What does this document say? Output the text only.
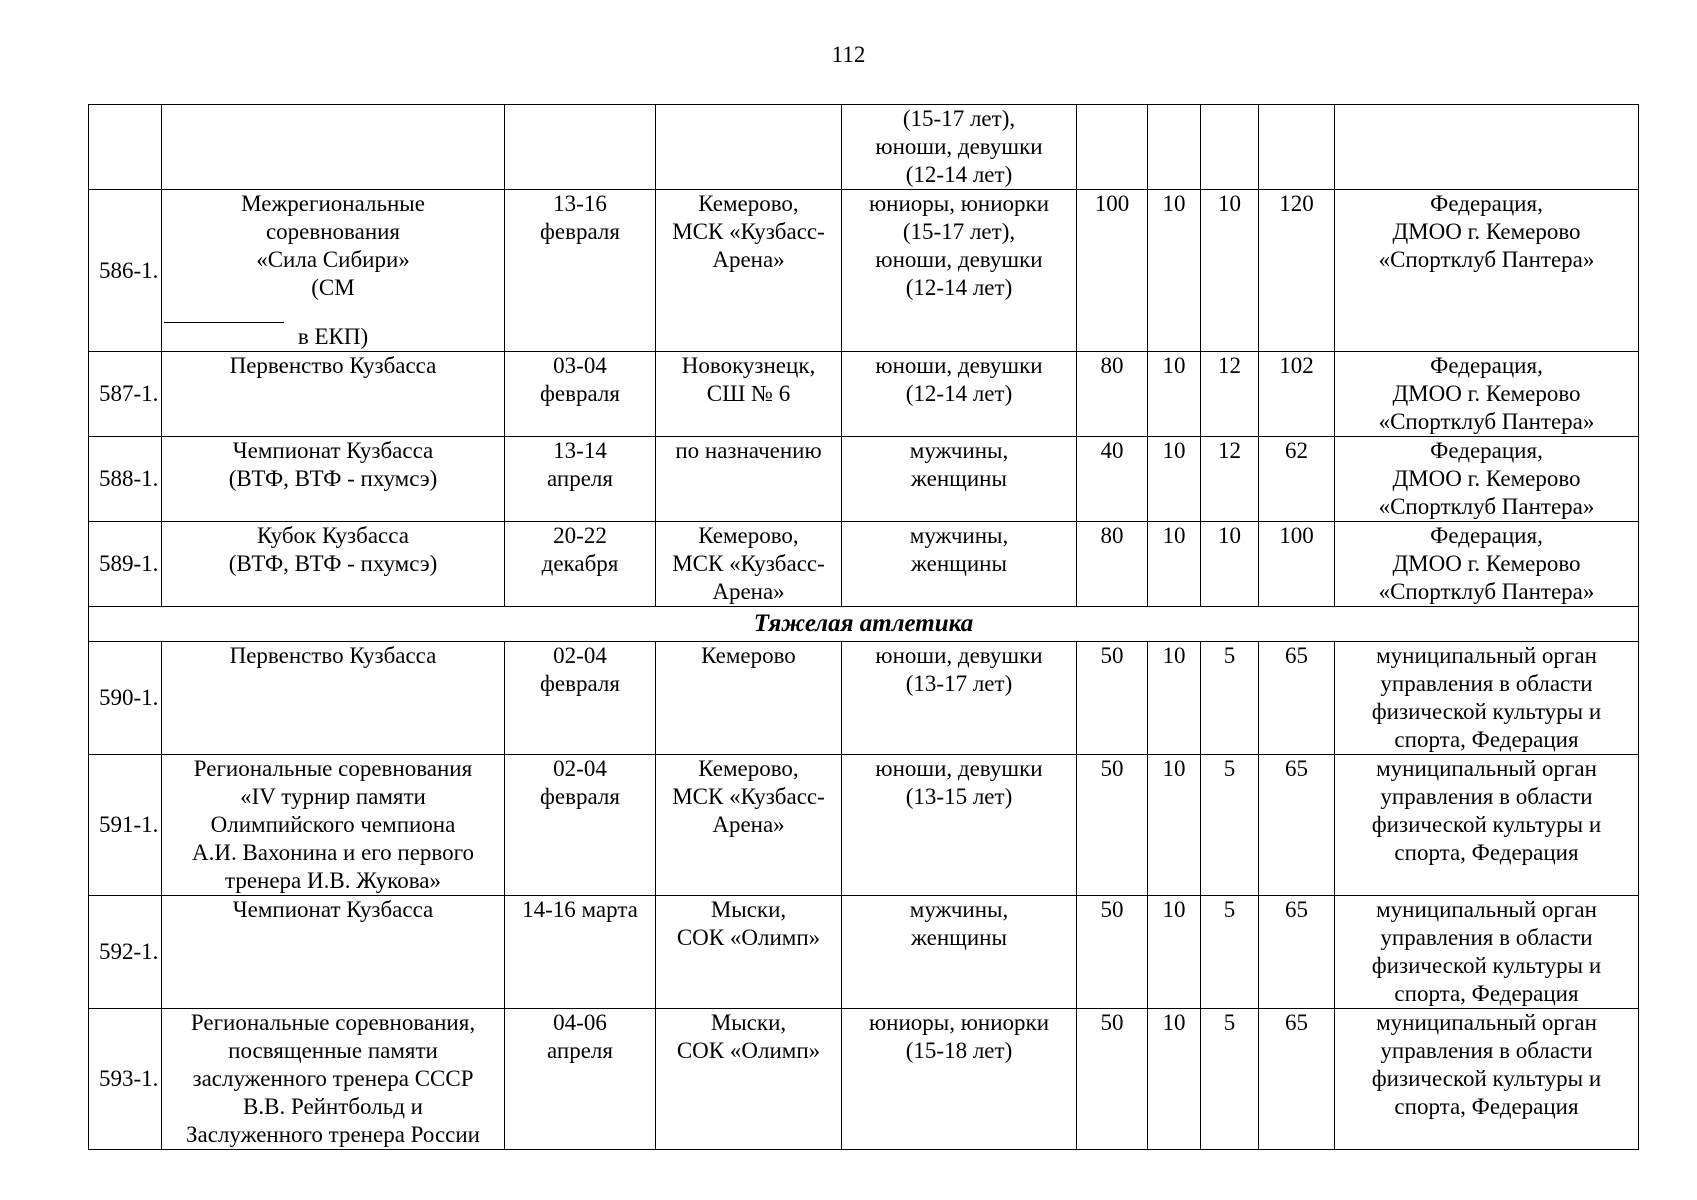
112

				(15-17 лет),
юноши, девушки
(12-14 лет)					

586-1.	Межрегиональные
соревнования
«Сила Сибири»
(СМ
в ЕКП)	13-16
февраля	Кемерово,
МСК «Кузбасс-
Арена»	юниоры, юниорки
(15-17 лет),
юноши, девушки
(12-14 лет)	100	10	10	120	Федерация,
ДМОО г. Кемерово
«Спортклуб Пантера»

587-1.	Первенство Кузбасса	03-04
февраля	Новокузнецк,
СШ № 6	юноши, девушки
(12-14 лет)	80	10	12	102	Федерация,
ДМОО г. Кемерово
«Спортклуб Пантера»

588-1.	Чемпионат Кузбасса
(ВТФ, ВТФ - пхумсэ)	13-14
апреля	по назначению	мужчины,
женщины	40	10	12	62	Федерация,
ДМОО г. Кемерово
«Спортклуб Пантера»

589-1.	Кубок Кузбасса
(ВТФ, ВТФ - пхумсэ)	20-22
декабря	Кемерово,
МСК «Кузбасс-
Арена»	мужчины,
женщины	80	10	10	100	Федерация,
ДМОО г. Кемерово
«Спортклуб Пантера»

Тяжелая атлетика									
590-1.	Первенство Кузбасса	02-04
февраля	Кемерово	юноши, девушки
(13-17 лет)	50	10	5	65	муниципальный орган
управления в области
физической культуры и
спорта, Федерация

591-1.	Региональные соревнования
«IV турнир памяти
Олимпийского чемпиона
А.И. Вахонина и его первого
тренера И.В. Жукова»	02-04
февраля	Кемерово,
МСК «Кузбасс-
Арена»	юноши, девушки
(13-15 лет)	50	10	5	65	муниципальный орган
управления в области
физической культуры и
спорта, Федерация

592-1.	Чемпионат Кузбасса	14-16 марта	Мыски,
СОК «Олимп»	мужчины,
женщины	50	10	5	65	муниципальный орган
управления в области
физической культуры и
спорта, Федерация

593-1.	Региональные соревнования,
посвященные памяти
заслуженного тренера СССР
В.В. Рейнтбольд и
Заслуженного тренера России	04-06
апреля	Мыски,
СОК «Олимп»	юниоры, юниорки
(15-18 лет)	50	10	5	65	муниципальный орган
управления в области
физической культуры и
спорта, Федерация
